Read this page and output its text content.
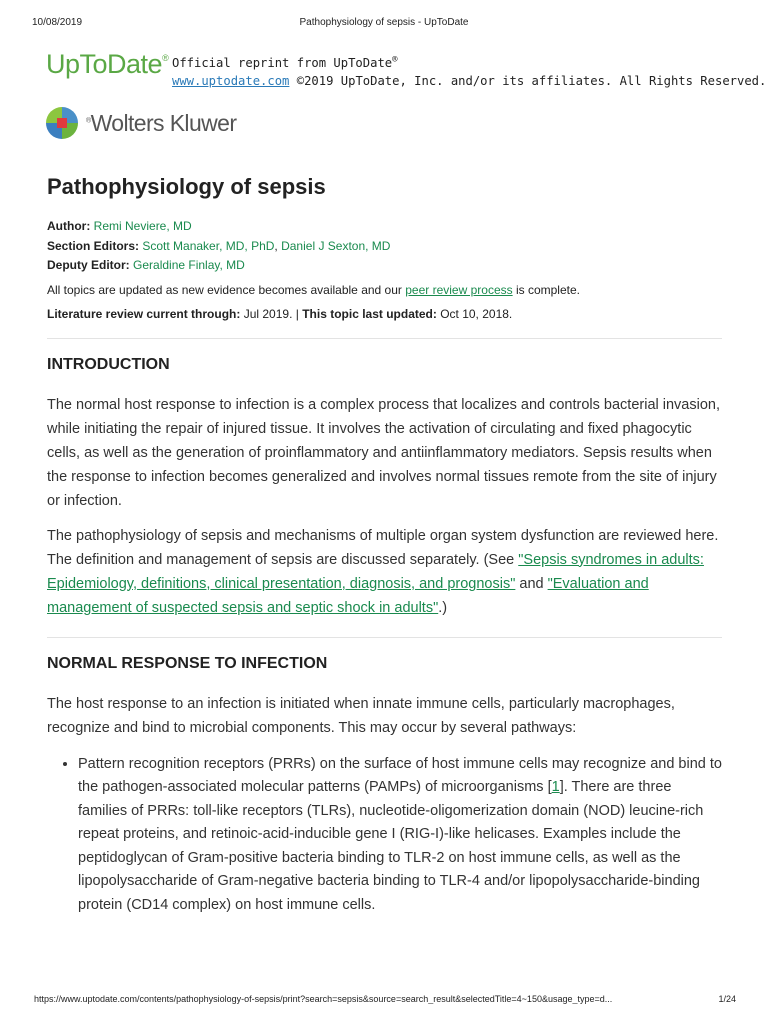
10/08/2019	Pathophysiology of sepsis - UpToDate
UpToDate® Official reprint from UpToDate®
www.uptodate.com ©2019 UpToDate, Inc. and/or its affiliates. All Rights Reserved.
®Wolters Kluwer
Pathophysiology of sepsis
Author: Remi Neviere, MD
Section Editors: Scott Manaker, MD, PhD, Daniel J Sexton, MD
Deputy Editor: Geraldine Finlay, MD
All topics are updated as new evidence becomes available and our peer review process is complete.
Literature review current through: Jul 2019. | This topic last updated: Oct 10, 2018.
INTRODUCTION

The normal host response to infection is a complex process that localizes and controls bacterial invasion, while initiating the repair of injured tissue. It involves the activation of circulating and fixed phagocytic cells, as well as the generation of proinflammatory and antiinflammatory mediators. Sepsis results when the response to infection becomes generalized and involves normal tissues remote from the site of injury or infection.

The pathophysiology of sepsis and mechanisms of multiple organ system dysfunction are reviewed here. The definition and management of sepsis are discussed separately. (See "Sepsis syndromes in adults: Epidemiology, definitions, clinical presentation, diagnosis, and prognosis" and "Evaluation and management of suspected sepsis and septic shock in adults".)

NORMAL RESPONSE TO INFECTION

The host response to an infection is initiated when innate immune cells, particularly macrophages, recognize and bind to microbial components. This may occur by several pathways:

• Pattern recognition receptors (PRRs) on the surface of host immune cells may recognize and bind to the pathogen-associated molecular patterns (PAMPs) of microorganisms [1]. There are three families of PRRs: toll-like receptors (TLRs), nucleotide-oligomerization domain (NOD) leucine-rich repeat proteins, and retinoic-acid-inducible gene I (RIG-I)-like helicases. Examples include the peptidoglycan of Gram-positive bacteria binding to TLR-2 on host immune cells, as well as the lipopolysaccharide of Gram-negative bacteria binding to TLR-4 and/or lipopolysaccharide-binding protein (CD14 complex) on host immune cells.
https://www.uptodate.com/contents/pathophysiology-of-sepsis/print?search=sepsis&source=search_result&selectedTitle=4~150&usage_type=d...	1/24
